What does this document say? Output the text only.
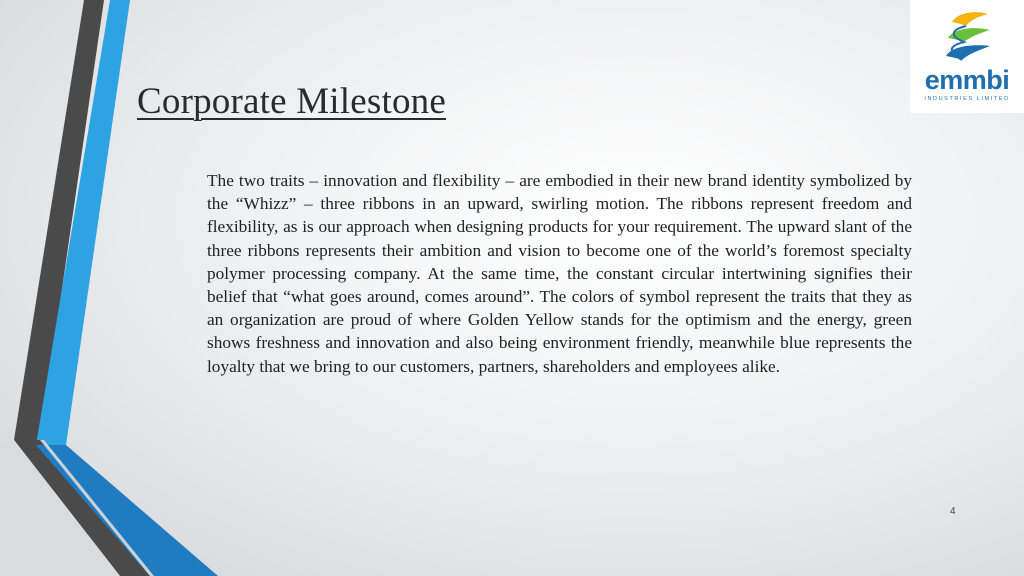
Corporate Milestone

The two traits – innovation and flexibility – are embodied in their new brand identity symbolized by the “Whizz” – three ribbons in an upward, swirling motion. The ribbons represent freedom and flexibility, as is our approach when designing products for your requirement. The upward slant of the three ribbons represents their ambition and vision to become one of the world’s foremost specialty polymer processing company. At the same time, the constant circular intertwining signifies their belief that “what goes around, comes around”. The colors of symbol represent the traits that they as an organization are proud of where Golden Yellow stands for the optimism and the energy, green shows freshness and innovation and also being environment friendly, meanwhile blue represents the loyalty that we bring to our customers, partners, shareholders and employees alike.

emmbi
INDUSTRIES LIMITED
4
